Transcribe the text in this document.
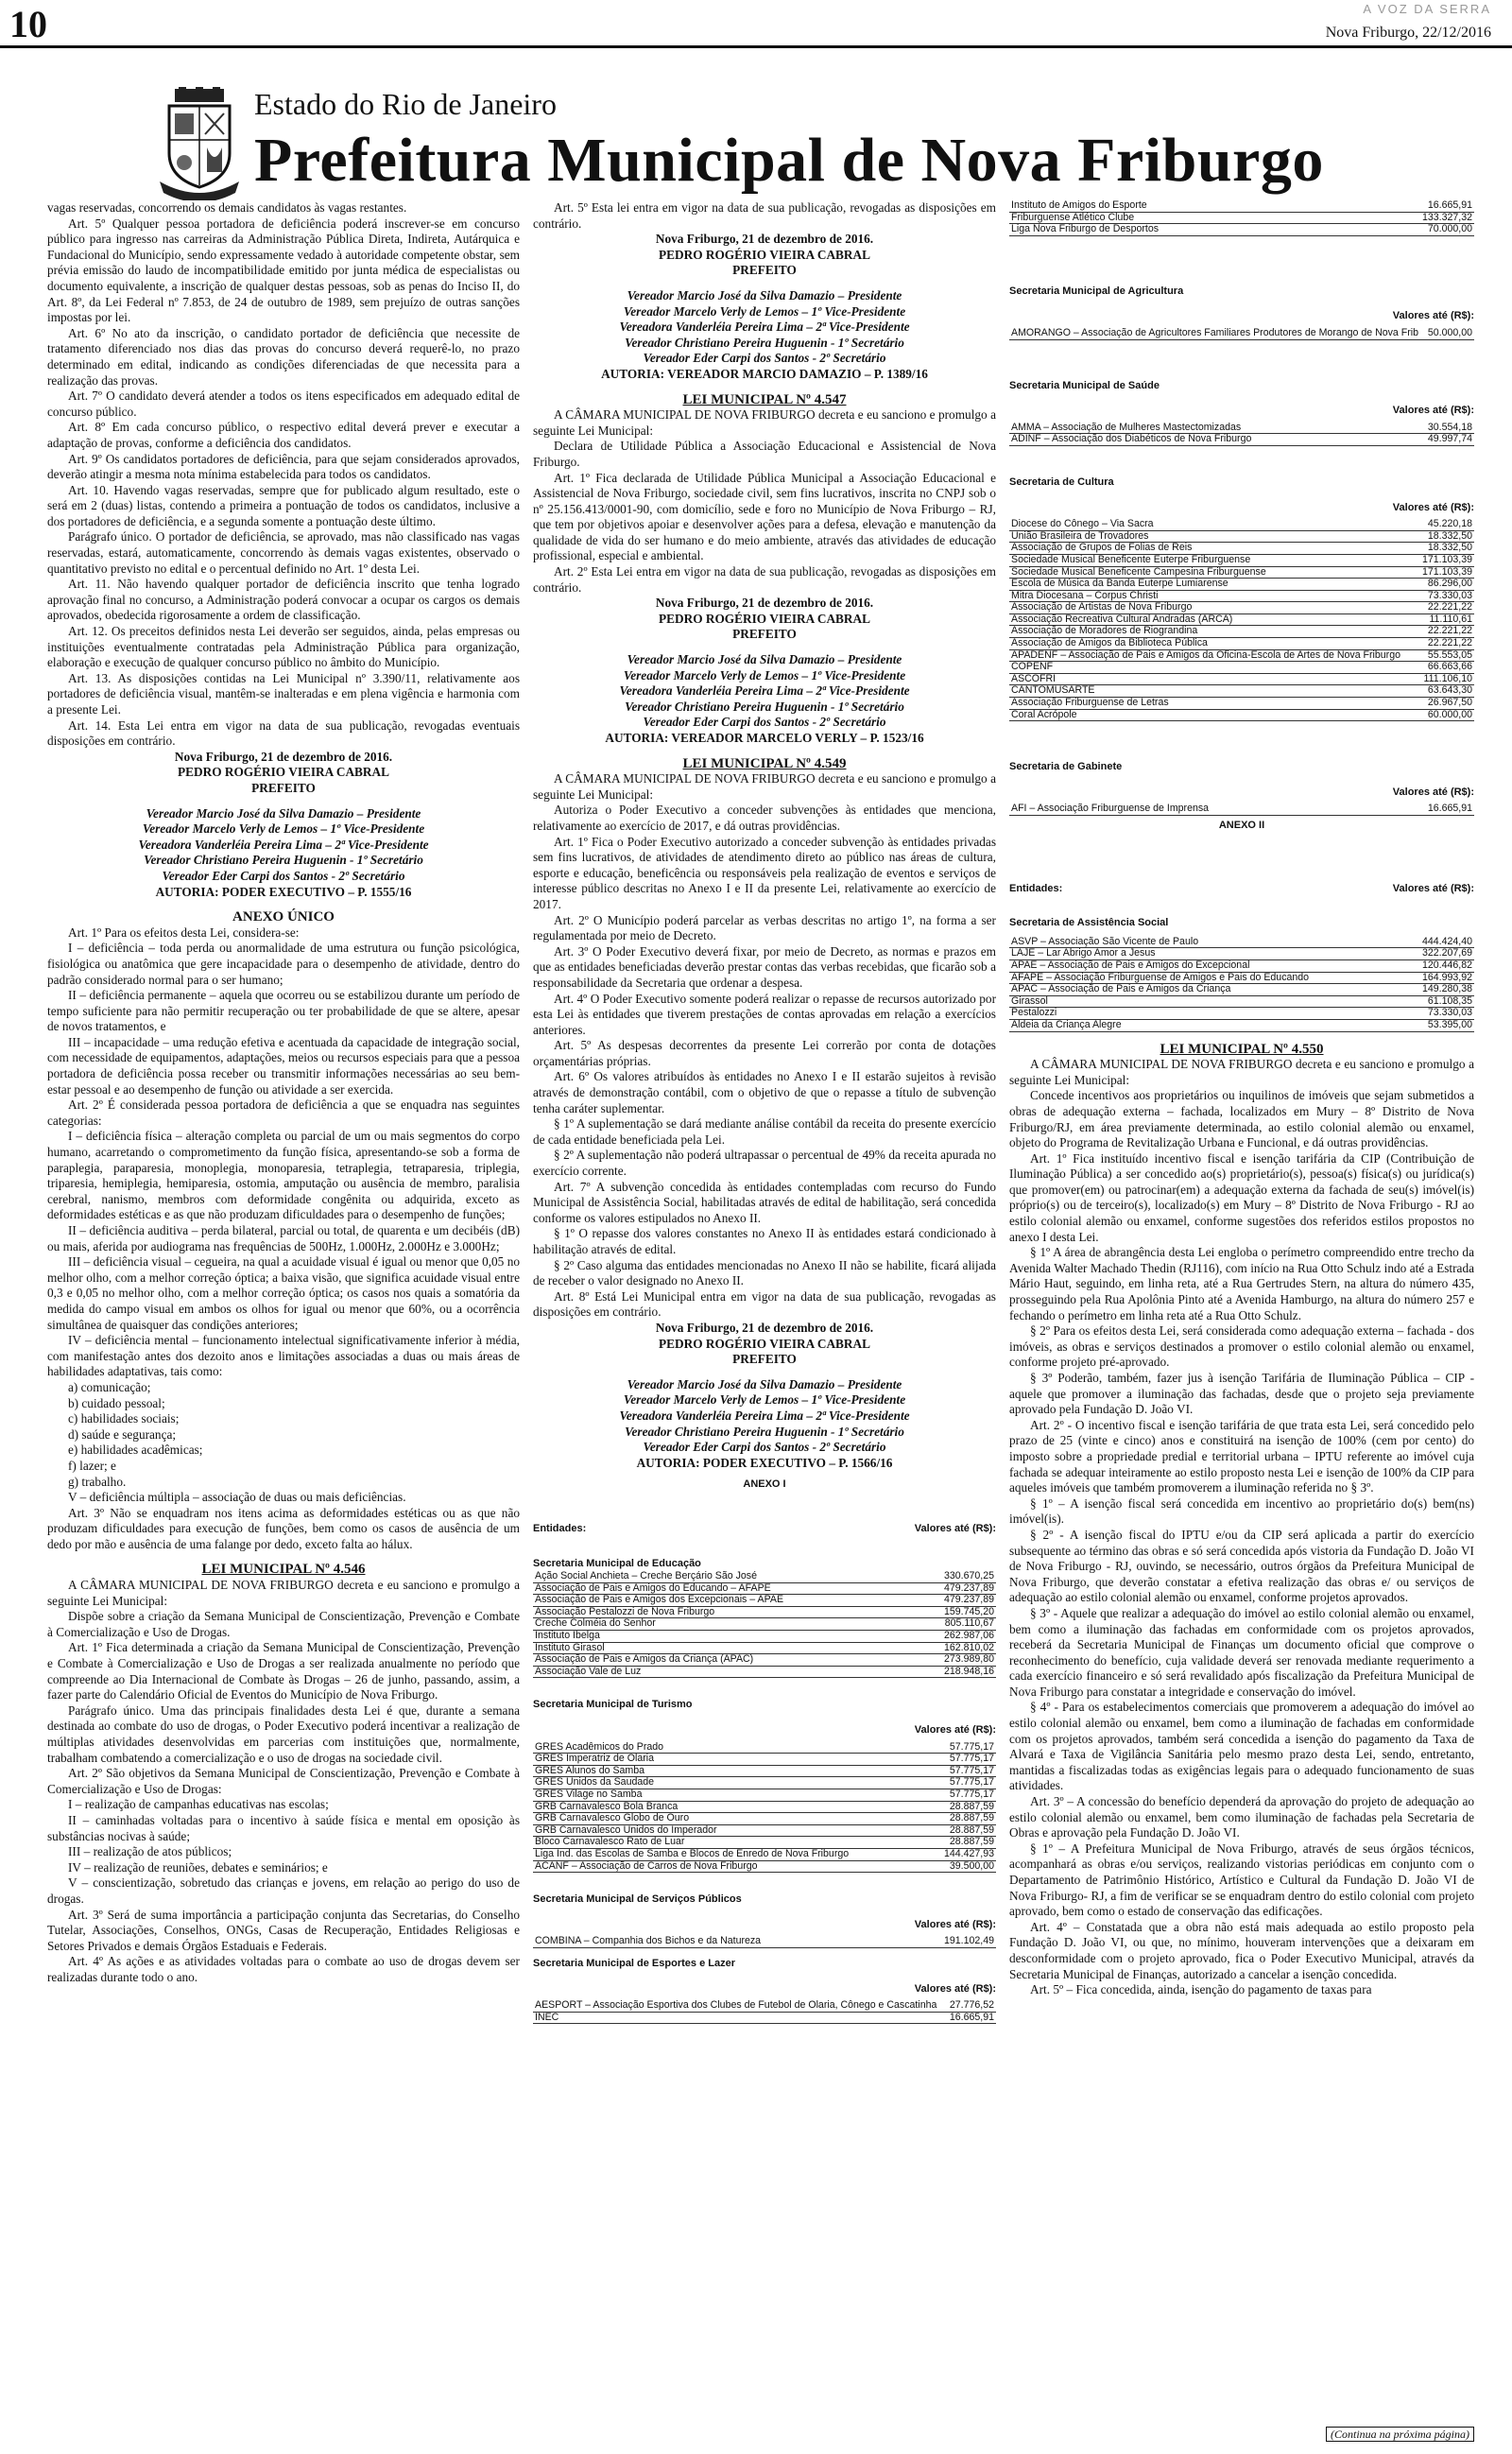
10	A VOZ DA SERRA
Nova Friburgo, 22/12/2016
Estado do Rio de Janeiro
Prefeitura Municipal de Nova Friburgo

vagas reservadas, concorrendo os demais candidatos às vagas restantes.

Art. 5º Qualquer pessoa portadora de deficiência poderá inscrever-se em concurso público para ingresso nas carreiras da Administração Pública Direta, Indireta, Autárquica e Fundacional do Município, sendo expressamente vedado à autoridade competente obstar, sem prévia emissão do laudo de incompatibilidade emitido por junta médica de especialistas ou documento equivalente, a inscrição de qualquer destas pessoas, sob as penas do Inciso II, do Art. 8º, da Lei Federal nº 7.853, de 24 de outubro de 1989, sem prejuízo de outras sanções impostas por lei.

Art. 6º No ato da inscrição, o candidato portador de deficiência que necessite de tratamento diferenciado nos dias das provas do concurso deverá requerê-lo, no prazo determinado em edital, indicando as condições diferenciadas de que necessita para a realização das provas.

Art. 7º O candidato deverá atender a todos os itens especificados em adequado edital de concurso público.

Art. 8º Em cada concurso público, o respectivo edital deverá prever e executar a adaptação de provas, conforme a deficiência dos candidatos.

Art. 9º Os candidatos portadores de deficiência, para que sejam considerados aprovados, deverão atingir a mesma nota mínima estabelecida para todos os candidatos.

Art. 10. Havendo vagas reservadas, sempre que for publicado algum resultado, este o será em 2 (duas) listas, contendo a primeira a pontuação de todos os candidatos, inclusive a dos portadores de deficiência, e a segunda somente a pontuação deste último.

Parágrafo único. O portador de deficiência, se aprovado, mas não classificado nas vagas reservadas, estará, automaticamente, concorrendo às demais vagas existentes, observado o quantitativo previsto no edital e o percentual definido no Art. 1º desta Lei.

Art. 11. Não havendo qualquer portador de deficiência inscrito que tenha logrado aprovação final no concurso, a Administração poderá convocar a ocupar os cargos os demais aprovados, obedecida rigorosamente a ordem de classificação.

Art. 12. Os preceitos definidos nesta Lei deverão ser seguidos, ainda, pelas empresas ou instituições eventualmente contratadas pela Administração Pública para organização, elaboração e execução de qualquer concurso público no âmbito do Município.

Art. 13. As disposições contidas na Lei Municipal nº 3.390/11, relativamente aos portadores de deficiência visual, mantêm-se inalteradas e em plena vigência e harmonia com a presente Lei.

Art. 14. Esta Lei entra em vigor na data de sua publicação, revogadas eventuais disposições em contrário.

Nova Friburgo, 21 de dezembro de 2016.

PEDRO ROGÉRIO VIEIRA CABRAL

PREFEITO

Vereador Marcio José da Silva Damazio – Presidente

Vereador Marcelo Verly de Lemos – 1º Vice-Presidente

Vereadora Vanderléia Pereira Lima – 2ª Vice-Presidente

Vereador Christiano Pereira Huguenin - 1º Secretário

Vereador Eder Carpi dos Santos - 2º Secretário

AUTORIA: PODER EXECUTIVO – P. 1555/16

ANEXO ÚNICO

Art. 1º Para os efeitos desta Lei, considera-se:

I – deficiência – toda perda ou anormalidade de uma estrutura ou função psicológica, fisiológica ou anatômica que gere incapacidade para o desempenho de atividade, dentro do padrão considerado normal para o ser humano;

II – deficiência permanente – aquela que ocorreu ou se estabilizou durante um período de tempo suficiente para não permitir recuperação ou ter probabilidade de que se altere, apesar de novos tratamentos, e

III – incapacidade – uma redução efetiva e acentuada da capacidade de integração social, com necessidade de equipamentos, adaptações, meios ou recursos especiais para que a pessoa portadora de deficiência possa receber ou transmitir informações necessárias ao seu bem-estar pessoal e ao desempenho de função ou atividade a ser exercida.

Art. 2º É considerada pessoa portadora de deficiência a que se enquadra nas seguintes categorias:

I – deficiência física – alteração completa ou parcial de um ou mais segmentos do corpo humano, acarretando o comprometimento da função física, apresentando-se sob a forma de paraplegia, paraparesia, monoplegia, monoparesia, tetraplegia, tetraparesia, triplegia, triparesia, hemiplegia, hemiparesia, ostomia, amputação ou ausência de membro, paralisia cerebral, nanismo, membros com deformidade congênita ou adquirida, exceto as deformidades estéticas e as que não produzam dificuldades para o desempenho de funções;

II – deficiência auditiva – perda bilateral, parcial ou total, de quarenta e um decibéis (dB) ou mais, aferida por audiograma nas frequências de 500Hz, 1.000Hz, 2.000Hz e 3.000Hz;

III – deficiência visual – cegueira, na qual a acuidade visual é igual ou menor que 0,05 no melhor olho, com a melhor correção óptica; a baixa visão, que significa acuidade visual entre 0,3 e 0,05 no melhor olho, com a melhor correção óptica; os casos nos quais a somatória da medida do campo visual em ambos os olhos for igual ou menor que 60%, ou a ocorrência simultânea de quaisquer das condições anteriores;

IV – deficiência mental – funcionamento intelectual significativamente inferior à média, com manifestação antes dos dezoito anos e limitações associadas a duas ou mais áreas de habilidades adaptativas, tais como:

a) comunicação;

b) cuidado pessoal;

c) habilidades sociais;

d) saúde e segurança;

e) habilidades acadêmicas;

f) lazer; e

g) trabalho.

V – deficiência múltipla – associação de duas ou mais deficiências.

Art. 3º Não se enquadram nos itens acima as deformidades estéticas ou as que não produzam dificuldades para execução de funções, bem como os casos de ausência de um dedo por mão e ausência de uma falange por dedo, exceto falta ao hálux.

LEI MUNICIPAL Nº 4.546

A CÂMARA MUNICIPAL DE NOVA FRIBURGO decreta e eu sanciono e promulgo a seguinte Lei Municipal:

Dispõe sobre a criação da Semana Municipal de Conscientização, Prevenção e Combate à Comercialização e Uso de Drogas.

Art. 1º Fica determinada a criação da Semana Municipal de Conscientização, Prevenção e Combate à Comercialização e Uso de Drogas a ser realizada anualmente no período que compreende ao Dia Internacional de Combate às Drogas – 26 de junho, passando, assim, a fazer parte do Calendário Oficial de Eventos do Município de Nova Friburgo.

Parágrafo único. Uma das principais finalidades desta Lei é que, durante a semana destinada ao combate do uso de drogas, o Poder Executivo poderá incentivar a realização de múltiplas atividades desenvolvidas em parcerias com instituições que, normalmente, trabalham combatendo a comercialização e o uso de drogas na sociedade civil.

Art. 2º São objetivos da Semana Municipal de Conscientização, Prevenção e Combate à Comercialização e Uso de Drogas:

I – realização de campanhas educativas nas escolas;

II – caminhadas voltadas para o incentivo à saúde física e mental em oposição às substâncias nocivas à saúde;

III – realização de atos públicos;

IV – realização de reuniões, debates e seminários; e

V – conscientização, sobretudo das crianças e jovens, em relação ao perigo do uso de drogas.

Art. 3º Será de suma importância a participação conjunta das Secretarias, do Conselho Tutelar, Associações, Conselhos, ONGs, Casas de Recuperação, Entidades Religiosas e Setores Privados e demais Órgãos Estaduais e Federais.

Art. 4º As ações e as atividades voltadas para o combate ao uso de drogas devem ser realizadas durante todo o ano.

Art. 5º Esta lei entra em vigor na data de sua publicação, revogadas as disposições em contrário.

Nova Friburgo, 21 de dezembro de 2016.

PEDRO ROGÉRIO VIEIRA CABRAL

PREFEITO

Vereador Marcio José da Silva Damazio – Presidente

Vereador Marcelo Verly de Lemos – 1º Vice-Presidente

Vereadora Vanderléia Pereira Lima – 2ª Vice-Presidente

Vereador Christiano Pereira Huguenin - 1º Secretário

Vereador Eder Carpi dos Santos - 2º Secretário

AUTORIA: VEREADOR MARCIO DAMAZIO – P. 1389/16

LEI MUNICIPAL Nº 4.547

A CÂMARA MUNICIPAL DE NOVA FRIBURGO decreta e eu sanciono e promulgo a seguinte Lei Municipal:

Declara de Utilidade Pública a Associação Educacional e Assistencial de Nova Friburgo.

Art. 1º Fica declarada de Utilidade Pública Municipal a Associação Educacional e Assistencial de Nova Friburgo, sociedade civil, sem fins lucrativos, inscrita no CNPJ sob o nº 25.156.413/0001-90, com domicílio, sede e foro no Município de Nova Friburgo – RJ, que tem por objetivos apoiar e desenvolver ações para a defesa, elevação e manutenção da qualidade de vida do ser humano e do meio ambiente, através das atividades de educação profissional, especial e ambiental.

Art. 2º Esta Lei entra em vigor na data de sua publicação, revogadas as disposições em contrário.

Nova Friburgo, 21 de dezembro de 2016.

PEDRO ROGÉRIO VIEIRA CABRAL

PREFEITO

Vereador Marcio José da Silva Damazio – Presidente

Vereador Marcelo Verly de Lemos – 1º Vice-Presidente

Vereadora Vanderléia Pereira Lima – 2ª Vice-Presidente

Vereador Christiano Pereira Huguenin - 1º Secretário

Vereador Eder Carpi dos Santos - 2º Secretário

AUTORIA: VEREADOR MARCELO VERLY – P. 1523/16

LEI MUNICIPAL Nº 4.549

A CÂMARA MUNICIPAL DE NOVA FRIBURGO decreta e eu sanciono e promulgo a seguinte Lei Municipal:

Autoriza o Poder Executivo a conceder subvenções às entidades que menciona, relativamente ao exercício de 2017, e dá outras providências.

Art. 1º Fica o Poder Executivo autorizado a conceder subvenção às entidades privadas sem fins lucrativos, de atividades de atendimento direto ao público nas áreas de cultura, esporte e educação, beneficência ou responsáveis pela realização de eventos e serviços de interesse público descritas no Anexo I e II da presente Lei, relativamente ao exercício de 2017.

Art. 2º O Município poderá parcelar as verbas descritas no artigo 1º, na forma a ser regulamentada por meio de Decreto.

Art. 3º O Poder Executivo deverá fixar, por meio de Decreto, as normas e prazos em que as entidades beneficiadas deverão prestar contas das verbas recebidas, que ficarão sob a responsabilidade da Secretaria que ordenar a despesa.

Art. 4º O Poder Executivo somente poderá realizar o repasse de recursos autorizado por esta Lei às entidades que tiverem prestações de contas aprovadas em relação a exercícios anteriores.

Art. 5º As despesas decorrentes da presente Lei correrão por conta de dotações orçamentárias próprias.

Art. 6º Os valores atribuídos às entidades no Anexo I e II estarão sujeitos à revisão através de demonstração contábil, com o objetivo de que o repasse a título de subvenção tenha caráter suplementar.

§ 1º A suplementação se dará mediante análise contábil da receita do presente exercício de cada entidade beneficiada pela Lei.

§ 2º A suplementação não poderá ultrapassar o percentual de 49% da receita apurada no exercício corrente.

Art. 7º A subvenção concedida às entidades contempladas com recurso do Fundo Municipal de Assistência Social, habilitadas através de edital de habilitação, será concedida conforme os valores estipulados no Anexo II.

§ 1º O repasse dos valores constantes no Anexo II às entidades estará condicionado à habilitação através de edital.

§ 2º Caso alguma das entidades mencionadas no Anexo II não se habilite, ficará alijada de receber o valor designado no Anexo II.

Art. 8º Está Lei Municipal entra em vigor na data de sua publicação, revogadas as disposições em contrário.

Nova Friburgo, 21 de dezembro de 2016.

PEDRO ROGÉRIO VIEIRA CABRAL

PREFEITO

Vereador Marcio José da Silva Damazio – Presidente

Vereador Marcelo Verly de Lemos – 1º Vice-Presidente

Vereadora Vanderléia Pereira Lima – 2ª Vice-Presidente

Vereador Christiano Pereira Huguenin - 1º Secretário

Vereador Eder Carpi dos Santos - 2º Secretário

AUTORIA: PODER EXECUTIVO – P. 1566/16

ANEXO I

Entidades:	Valores até (R$):
Secretaria Municipal de Educação
Ação Social Anchieta – Creche Berçário São José	330.670,25
Associação de Pais e Amigos do Educando – AFAPE	479.237,89
Associação de Pais e Amigos dos Excepcionais – APAE	479.237,89
Associação Pestalozzi de Nova Friburgo	159.745,20
Creche Colméia do Senhor	805.110,67
Instituto Ibelga	262.987,06
Instituto Girasol	162.810,02
Associação de Pais e Amigos da Criança (APAC)	273.989,80
Associação Vale de Luz	218.948,16
Secretaria Municipal de Turismo
Valores até (R$):
GRES Acadêmicos do Prado	57.775,17
GRES Imperatriz de Olaria	57.775,17
GRES Alunos do Samba	57.775,17
GRES Unidos da Saudade	57.775,17
GRES Vilage no Samba	57.775,17
GRB Carnavalesco Bola Branca	28.887,59
GRB Carnavalesco Globo de Ouro	28.887,59
GRB Carnavalesco Unidos do Imperador	28.887,59
Bloco Carnavalesco Rato de Luar	28.887,59
Liga Ind. das Escolas de Samba e Blocos de Enredo de Nova Friburgo	144.427,93
ACANF – Associação de Carros de Nova Friburgo	39.500,00
Secretaria Municipal de Serviços Públicos
Valores até (R$):
COMBINA – Companhia dos Bichos e da Natureza	191.102,49
Secretaria Municipal de Esportes e Lazer
Valores até (R$):
AESPORT – Associação Esportiva dos Clubes de Futebol de Olaria, Cônego e Cascatinha	27.776,52
INEC	16.665,91
Instituto de Amigos do Esporte	16.665,91
Friburguense Atlético Clube	133.327,32
Liga Nova Friburgo de Desportos	70.000,00
Secretaria Municipal de Agricultura
Valores até (R$):
AMORANGO – Associação de Agricultores Familiares Produtores de Morango de Nova Frib	50.000,00
Secretaria Municipal de Saúde
Valores até (R$):
AMMA – Associação de Mulheres Mastectomizadas	30.554,18
ADINF – Associação dos Diabéticos de Nova Friburgo	49.997,74
Secretaria de Cultura
Valores até (R$):
Diocese do Cônego – Via Sacra	45.220,18
União Brasileira de Trovadores	18.332,50
Associação de Grupos de Folias de Reis	18.332,50
Sociedade Musical Beneficente Euterpe Friburguense	171.103,39
Sociedade Musical Beneficente Campesina Friburguense	171.103,39
Escola de Música da Banda Euterpe Lumiarense	86.296,00
Mitra Diocesana – Corpus Christi	73.330,03
Associação de Artistas de Nova Friburgo	22.221,22
Associação Recreativa Cultural Andradas (ARCA)	11.110,61
Associação de Moradores de Riograndina	22.221,22
Associação de Amigos da Biblioteca Pública	22.221,22
APADENF – Associação de Pais e Amigos da Oficina-Escola de Artes de Nova Friburgo	55.553,05
COPENF	66.663,66
ASCOFRI	111.106,10
CANTOMUSARTE	63.643,30
Associação Friburguense de Letras	26.967,50
Coral Acrópole	60.000,00
Secretaria de Gabinete
Valores até (R$):
AFI – Associação Friburguense de Imprensa	16.665,91
ANEXO II
Entidades:	Valores até (R$):
Secretaria de Assistência Social
ASVP – Associação São Vicente de Paulo	444.424,40
LAJE – Lar Abrigo Amor a Jesus	322.207,69
APAE – Associação de Pais e Amigos do Excepcional	120.446,82
AFAPE – Associação Friburguense de Amigos e Pais do Educando	164.993,92
APAC – Associação de Pais e Amigos da Criança	149.280,38
Girassol	61.108,35
Pestalozzi	73.330,03
Aldeia da Criança Alegre	53.395,00

LEI MUNICIPAL Nº 4.550

A CÂMARA MUNICIPAL DE NOVA FRIBURGO decreta e eu sanciono e promulgo a seguinte Lei Municipal:

Concede incentivos aos proprietários ou inquilinos de imóveis que sejam submetidos a obras de adequação externa – fachada, localizados em Mury – 8º Distrito de Nova Friburgo/RJ, em área previamente determinada, ao estilo colonial alemão ou enxamel, objeto do Programa de Revitalização Urbana e Funcional, e dá outras providências.

Art. 1º Fica instituído incentivo fiscal e isenção tarifária da CIP (Contribuição de Iluminação Pública) a ser concedido ao(s) proprietário(s), pessoa(s) física(s) ou jurídica(s) que promover(em) ou patrocinar(em) a adequação externa da fachada de seu(s) imóvel(is) próprio(s) ou de terceiro(s), localizado(s) em Mury – 8º Distrito de Nova Friburgo - RJ ao estilo colonial alemão ou enxamel, conforme sugestões dos referidos estilos propostos no anexo I desta Lei.

§ 1º A área de abrangência desta Lei engloba o perímetro compreendido entre trecho da Avenida Walter Machado Thedin (RJ116), com início na Rua Otto Schulz indo até a Estrada Mário Haut, seguindo, em linha reta, até a Rua Gertrudes Stern, na altura do número 435, prosseguindo pela Rua Apolônia Pinto até a Avenida Hamburgo, na altura do número 257 e fechando o perímetro em linha reta até a Rua Otto Schulz.

§ 2º Para os efeitos desta Lei, será considerada como adequação externa – fachada - dos imóveis, as obras e serviços destinados a promover o estilo colonial alemão ou enxamel, conforme projeto pré-aprovado.

§ 3º Poderão, também, fazer jus à isenção Tarifária de Iluminação Pública – CIP - aquele que promover a iluminação das fachadas, desde que o projeto seja previamente aprovado pela Fundação D. João VI.

Art. 2º - O incentivo fiscal e isenção tarifária de que trata esta Lei, será concedido pelo prazo de 25 (vinte e cinco) anos e constituirá na isenção de 100% (cem por cento) do imposto sobre a propriedade predial e territorial urbana – IPTU referente ao imóvel cuja fachada se adequar inteiramente ao estilo proposto nesta Lei e isenção de 100% da CIP para aqueles imóveis que também promoverem a iluminação referida no § 3º.

§ 1º – A isenção fiscal será concedida em incentivo ao proprietário do(s) bem(ns) imóvel(is).

§ 2º - A isenção fiscal do IPTU e/ou da CIP será aplicada a partir do exercício subsequente ao término das obras e só será concedida após vistoria da Fundação D. João VI de Nova Friburgo - RJ, ouvindo, se necessário, outros órgãos da Prefeitura Municipal de Nova Friburgo, que deverão constatar a efetiva realização das obras e/ ou serviços de adequação ao estilo colonial alemão ou enxamel, conforme projetos aprovados.

§ 3º - Aquele que realizar a adequação do imóvel ao estilo colonial alemão ou enxamel, bem como a iluminação das fachadas em conformidade com os projetos aprovados, receberá da Secretaria Municipal de Finanças um documento oficial que comprove o reconhecimento do benefício, cuja validade deverá ser renovada mediante requerimento a cada exercício financeiro e só será revalidado após fiscalização da Prefeitura Municipal de Nova Friburgo para constatar a integridade e conservação do imóvel.

§ 4º - Para os estabelecimentos comerciais que promoverem a adequação do imóvel ao estilo colonial alemão ou enxamel, bem como a iluminação de fachadas em conformidade com os projetos aprovados, também será concedida a isenção do pagamento da Taxa de Alvará e Taxa de Vigilância Sanitária pelo mesmo prazo desta Lei, sendo, entretanto, mantidas a fiscalizadas todas as exigências legais para o adequado funcionamento de suas atividades.

Art. 3º – A concessão do benefício dependerá da aprovação do projeto de adequação ao estilo colonial alemão ou enxamel, bem como iluminação de fachadas pela Secretaria de Obras e aprovação pela Fundação D. João VI.

§ 1º – A Prefeitura Municipal de Nova Friburgo, através de seus órgãos técnicos, acompanhará as obras e/ou serviços, realizando vistorias periódicas em conjunto com o Departamento de Patrimônio Histórico, Artístico e Cultural da Fundação D. João VI de Nova Friburgo- RJ, a fim de verificar se se enquadram dentro do estilo colonial com projeto aprovado, bem como o estado de conservação das edificações.

Art. 4º – Constatada que a obra não está mais adequada ao estilo proposto pela Fundação D. João VI, ou que, no mínimo, houveram intervenções que a deixaram em desconformidade com o projeto aprovado, fica o Poder Executivo Municipal, através da Secretaria Municipal de Finanças, autorizado a cancelar a isenção concedida.

Art. 5º – Fica concedida, ainda, isenção do pagamento de taxas para

(Continua na próxima página)
